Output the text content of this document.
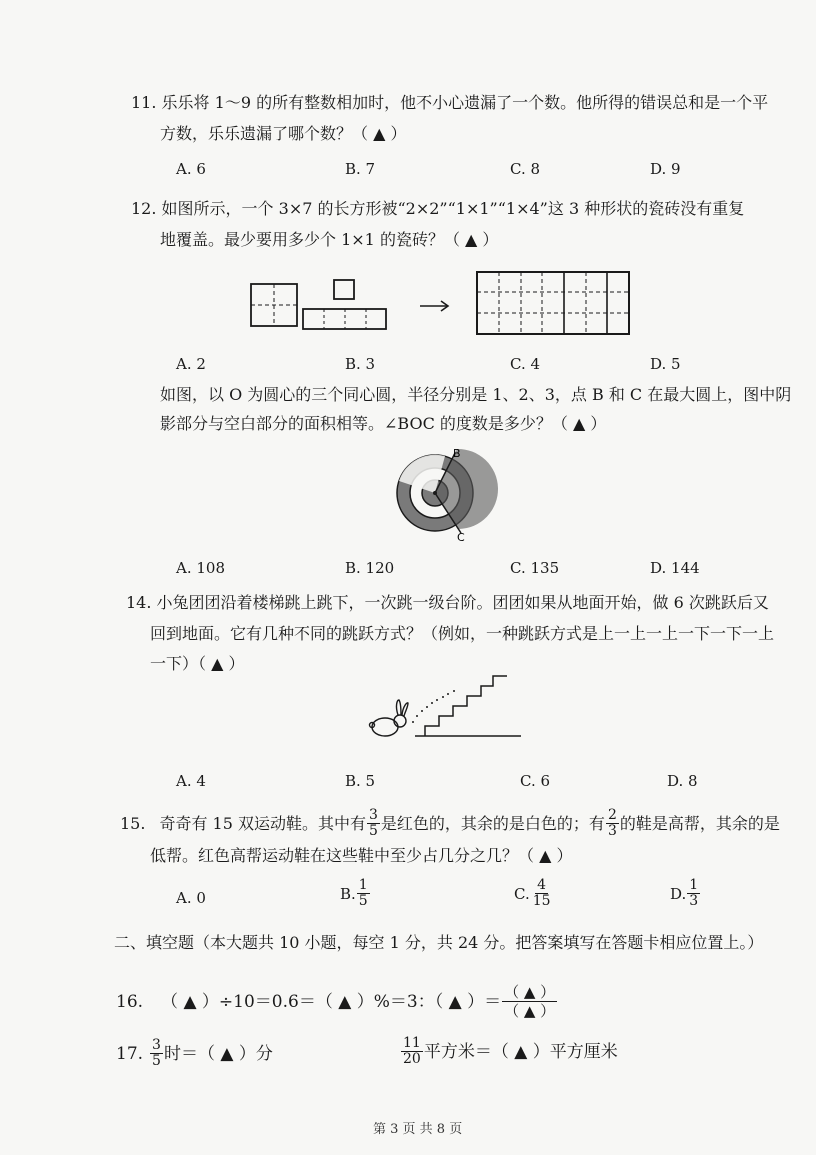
11. 乐乐将 1～9 的所有整数相加时，他不小心遗漏了一个数。他所得的错误总和是一个平
方数，乐乐遗漏了哪个数？（ ▲ ）
A. 6	B. 7	C. 8	D. 9
12. 如图所示，一个 3×7 的长方形被“2×2”“1×1”“1×4”这 3 种形状的瓷砖没有重复
地覆盖。最少要用多少个 1×1 的瓷砖？（ ▲ ）
A. 2	B. 3	C. 4	D. 5
如图，以 O 为圆心的三个同心圆，半径分别是 1、2、3，点 B 和 C 在最大圆上，图中阴
影部分与空白部分的面积相等。∠BOC 的度数是多少？（ ▲ ）
B
C
A. 108	B. 120	C. 135	D. 144
14. 小兔团团沿着楼梯跳上跳下，一次跳一级台阶。团团如果从地面开始，做 6 次跳跃后又
回到地面。它有几种不同的跳跃方式？（例如，一种跳跃方式是上一上一上一下一下一上
一下）（ ▲ ）
A. 4	B. 5	C. 6	D. 8
15. 奇奇有 15 双运动鞋。其中有 $\frac{3}{5}$ 是红色的，其余的是白色的；有 $\frac{2}{3}$ 的鞋是高帮，其余的是
低帮。红色高帮运动鞋在这些鞋中至少占几分之几？（ ▲ ）
A. 0	B. $\frac{1}{5}$	C. $\frac{4}{15}$	D. $\frac{1}{3}$
二、填空题（本大题共 10 小题，每空 1 分，共 24 分。把答案填写在答题卡相应位置上。）
16. （ ▲ ）÷10＝0.6＝（ ▲ ）%＝3：（ ▲ ）＝ $\frac{( ▲ )}{( ▲ )}$
17. $\frac{3}{5}$ 时＝（ ▲ ）分	$\frac{11}{20}$ 平方米＝（ ▲ ）平方厘米
第 3 页 共 8 页
